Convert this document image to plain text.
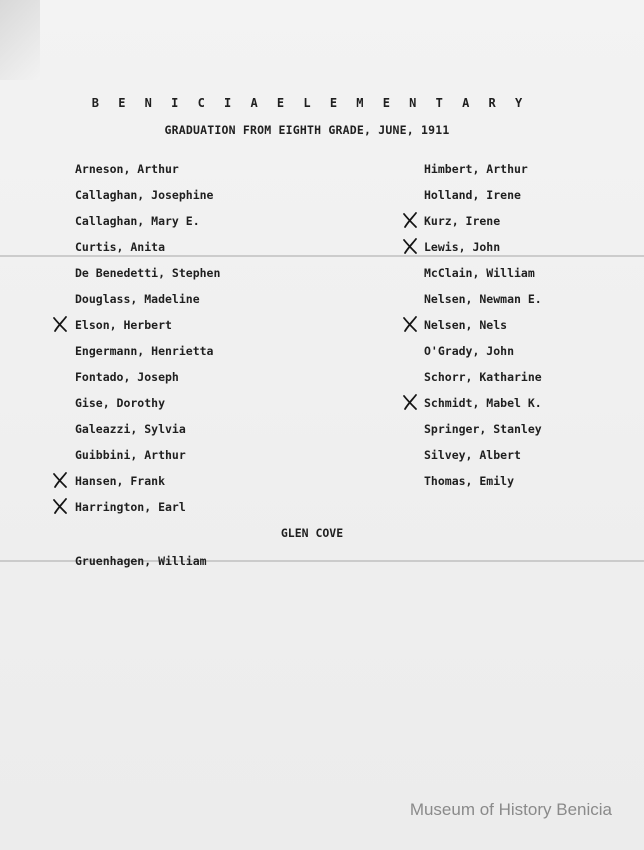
B E N I C I A E L E M E N T A R Y
GRADUATION FROM EIGHTH GRADE, JUNE, 1911
Arneson, Arthur
Callaghan, Josephine
Callaghan, Mary E.
Curtis, Anita
De Benedetti, Stephen
Douglass, Madeline
Elson, Herbert
Engermann, Henrietta
Fontado, Joseph
Gise, Dorothy
Galeazzi, Sylvia
Guibbini, Arthur
Hansen, Frank
Harrington, Earl
Himbert, Arthur
Holland, Irene
Kurz, Irene
Lewis, John
McClain, William
Nelsen, Newman E.
Nelsen, Nels
O'Grady, John
Schorr, Katharine
Schmidt, Mabel K.
Springer, Stanley
Silvey, Albert
Thomas, Emily
GLEN COVE
Gruenhagen, William
Museum of History Benicia
